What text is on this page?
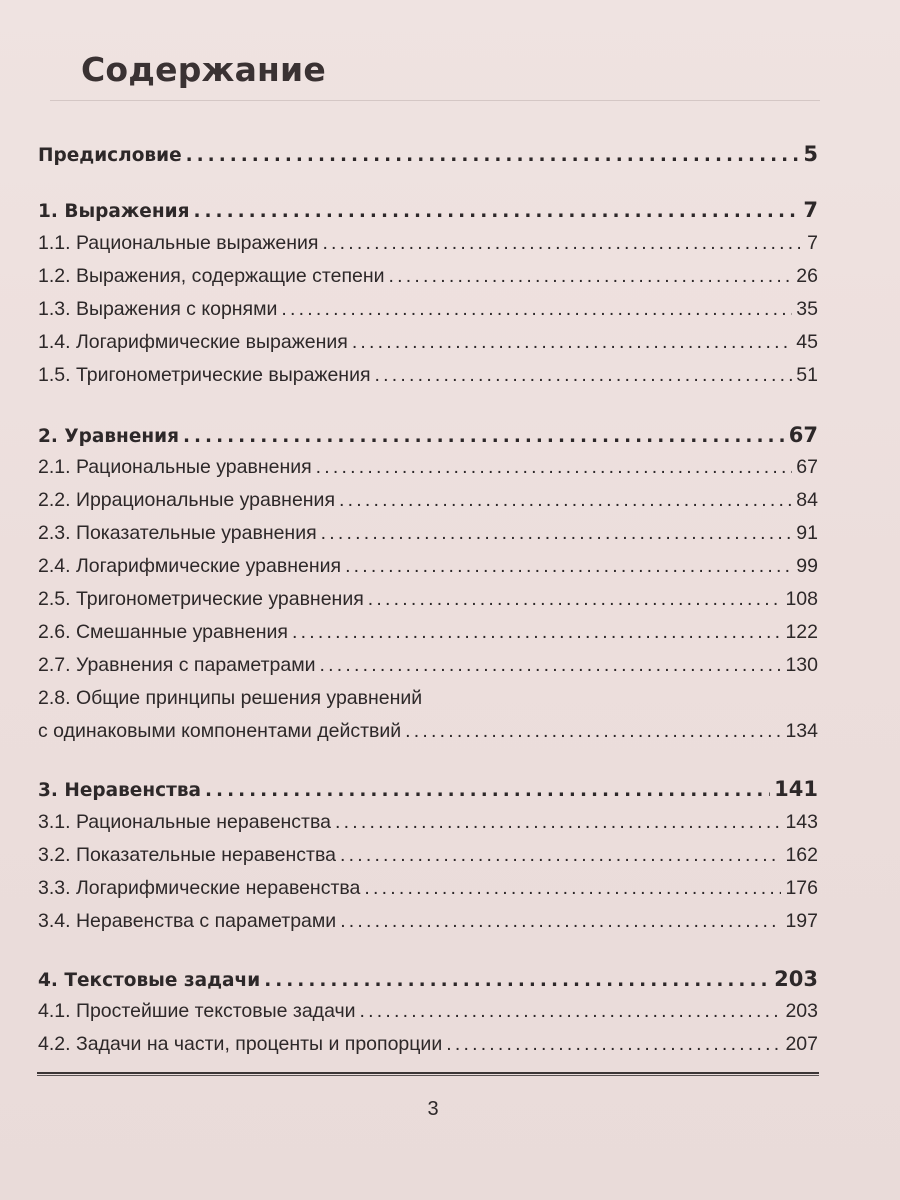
Содержание
Предисловие .....	5
1. Выражения .....	7
1.1. Рациональные выражения .....	7
1.2. Выражения, содержащие степени .....	26
1.3. Выражения с корнями .....	35
1.4. Логарифмические выражения .....	45
1.5. Тригонометрические выражения .....	51
2. Уравнения .....	67
2.1. Рациональные уравнения .....	67
2.2. Иррациональные уравнения .....	84
2.3. Показательные уравнения .....	91
2.4. Логарифмические уравнения .....	99
2.5. Тригонометрические уравнения .....	108
2.6. Смешанные уравнения .....	122
2.7. Уравнения с параметрами .....	130
2.8. Общие принципы решения уравнений
с одинаковыми компонентами действий .....	134
3. Неравенства .....	141
3.1. Рациональные неравенства .....	143
3.2. Показательные неравенства .....	162
3.3. Логарифмические неравенства .....	176
3.4. Неравенства с параметрами .....	197
4. Текстовые задачи .....	203
4.1. Простейшие текстовые задачи .....	203
4.2. Задачи на части, проценты и пропорции .....	207
3
